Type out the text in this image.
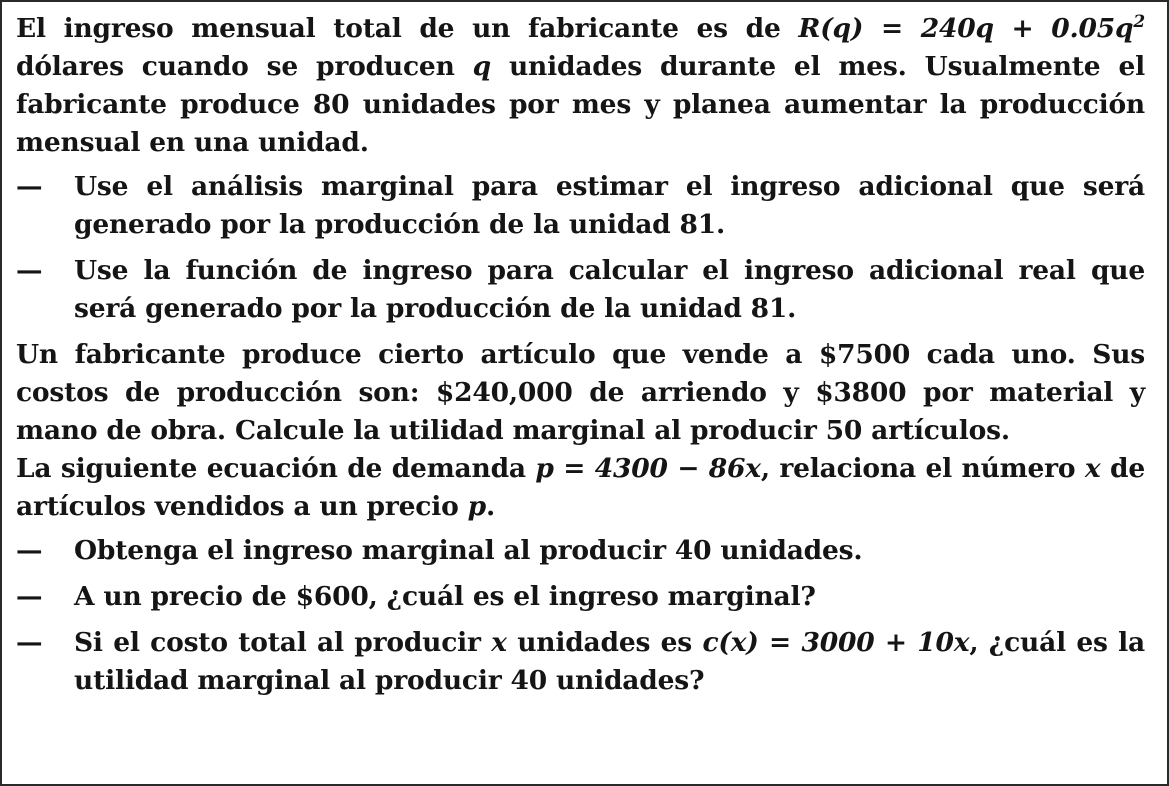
El ingreso mensual total de un fabricante es de $R(q) = 240q + 0.05q^2$ dólares cuando se producen q unidades durante el mes. Usualmente el fabricante produce 80 unidades por mes y planea aumentar la producción mensual en una unidad.

— Use el análisis marginal para estimar el ingreso adicional que será generado por la producción de la unidad 81.
— Use la función de ingreso para calcular el ingreso adicional real que será generado por la producción de la unidad 81.

Un fabricante produce cierto artículo que vende a $7500 cada uno. Sus costos de producción son: $240,000 de arriendo y $3800 por material y mano de obra. Calcule la utilidad marginal al producir 50 artículos.

La siguiente ecuación de demanda p = 4300 − 86x, relaciona el número x de artículos vendidos a un precio p.

— Obtenga el ingreso marginal al producir 40 unidades.
— A un precio de $600, ¿cuál es el ingreso marginal?
— Si el costo total al producir x unidades es c(x) = 3000 + 10x, ¿cuál es la utilidad marginal al producir 40 unidades?
